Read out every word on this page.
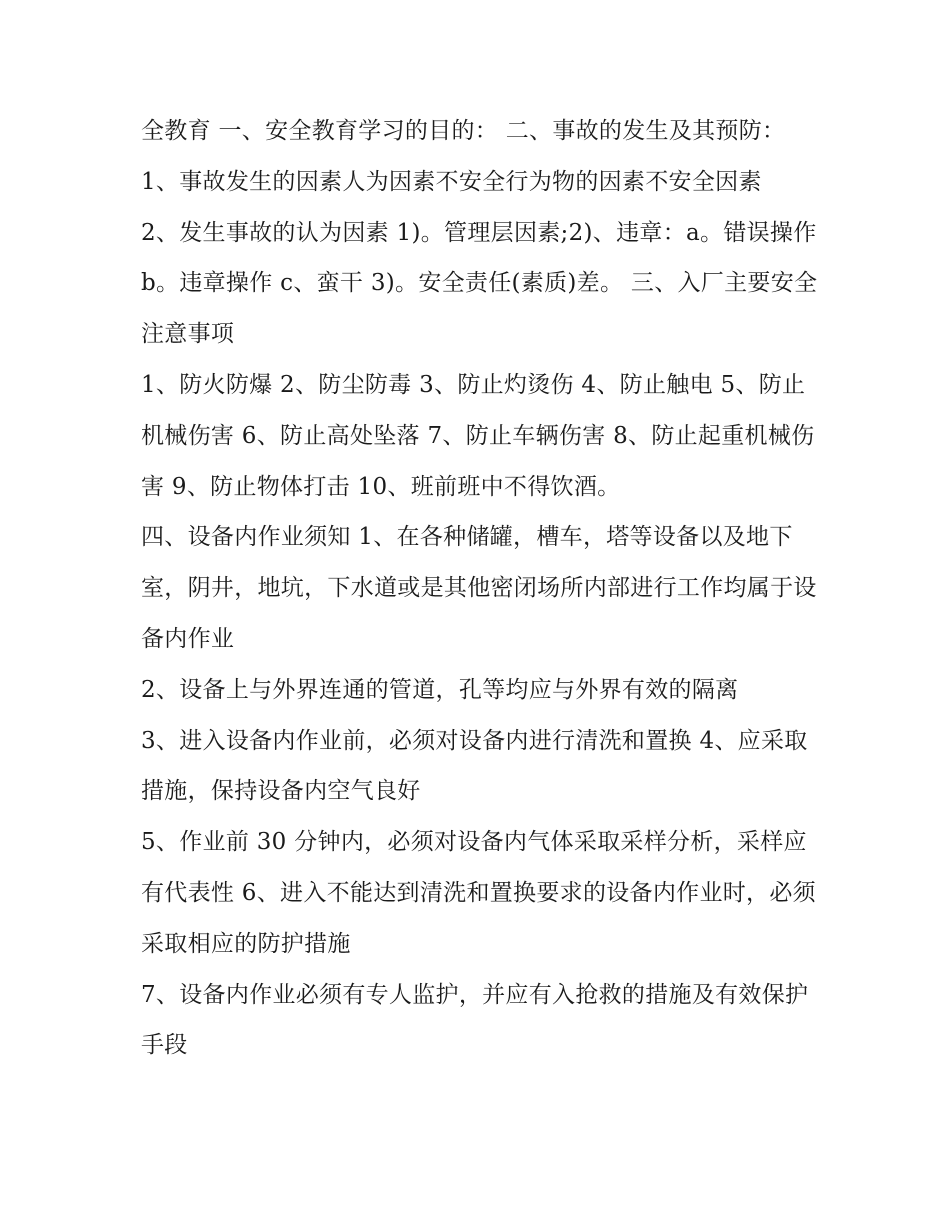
全教育 一、安全教育学习的目的： 二、事故的发生及其预防：

1、事故发生的因素人为因素不安全行为物的因素不安全因素

2、发生事故的认为因素 1)。管理层因素;2)、违章：a。错误操作 b。违章操作 c、蛮干 3)。安全责任(素质)差。 三、入厂主要安全注意事项

1、防火防爆 2、防尘防毒 3、防止灼烫伤 4、防止触电 5、防止机械伤害 6、防止高处坠落 7、防止车辆伤害 8、防止起重机械伤害 9、防止物体打击 10、班前班中不得饮酒。

四、设备内作业须知 1、在各种储罐，槽车，塔等设备以及地下室，阴井，地坑，下水道或是其他密闭场所内部进行工作均属于设备内作业

2、设备上与外界连通的管道，孔等均应与外界有效的隔离

3、进入设备内作业前，必须对设备内进行清洗和置换 4、应采取措施，保持设备内空气良好

5、作业前 30 分钟内，必须对设备内气体采取采样分析，采样应有代表性 6、进入不能达到清洗和置换要求的设备内作业时，必须采取相应的防护措施

7、设备内作业必须有专人监护，并应有入抢救的措施及有效保护手段
